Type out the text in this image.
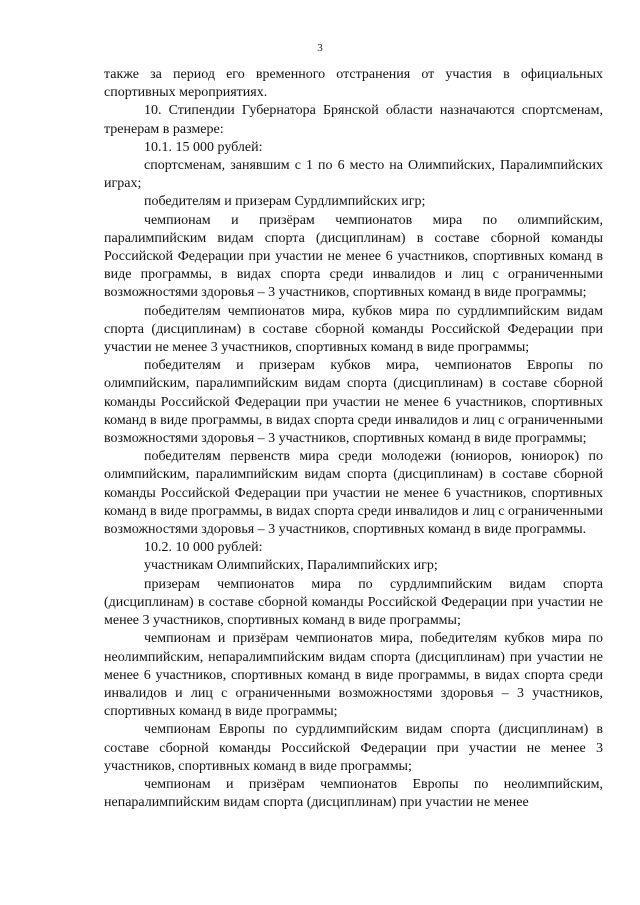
3

также за период его временного отстранения от участия в официальных спортивных мероприятиях.

10. Стипендии Губернатора Брянской области назначаются спортсменам, тренерам в размере:

10.1. 15 000 рублей:

спортсменам, занявшим с 1 по 6 место на Олимпийских, Паралимпийских играх;

победителям и призерам Сурдлимпийских игр;

чемпионам и призёрам чемпионатов мира по олимпийским, паралимпийским видам спорта (дисциплинам) в составе сборной команды Российской Федерации при участии не менее 6 участников, спортивных команд в виде программы, в видах спорта среди инвалидов и лиц с ограниченными возможностями здоровья – 3 участников, спортивных команд в виде программы;

победителям чемпионатов мира, кубков мира по сурдлимпийским видам спорта (дисциплинам) в составе сборной команды Российской Федерации при участии не менее 3 участников, спортивных команд в виде программы;

победителям и призерам кубков мира, чемпионатов Европы по олимпийским, паралимпийским видам спорта (дисциплинам) в составе сборной команды Российской Федерации при участии не менее 6 участников, спортивных команд в виде программы, в видах спорта среди инвалидов и лиц с ограниченными возможностями здоровья – 3 участников, спортивных команд в виде программы;

победителям первенств мира среди молодежи (юниоров, юниорок) по олимпийским, паралимпийским видам спорта (дисциплинам) в составе сборной команды Российской Федерации при участии не менее 6 участников, спортивных команд в виде программы, в видах спорта среди инвалидов и лиц с ограниченными возможностями здоровья – 3 участников, спортивных команд в виде программы.

10.2. 10 000 рублей:

участникам Олимпийских, Паралимпийских игр;

призерам чемпионатов мира по сурдлимпийским видам спорта (дисциплинам) в составе сборной команды Российской Федерации при участии не менее 3 участников, спортивных команд в виде программы;

чемпионам и призёрам чемпионатов мира, победителям кубков мира по неолимпийским, непаралимпийским видам спорта (дисциплинам) при участии не менее 6 участников, спортивных команд в виде программы, в видах спорта среди инвалидов и лиц с ограниченными возможностями здоровья – 3 участников, спортивных команд в виде программы;

чемпионам Европы по сурдлимпийским видам спорта (дисциплинам) в составе сборной команды Российской Федерации при участии не менее 3 участников, спортивных команд в виде программы;

чемпионам и призёрам чемпионатов Европы по неолимпийским, непаралимпийским видам спорта (дисциплинам) при участии не менее
